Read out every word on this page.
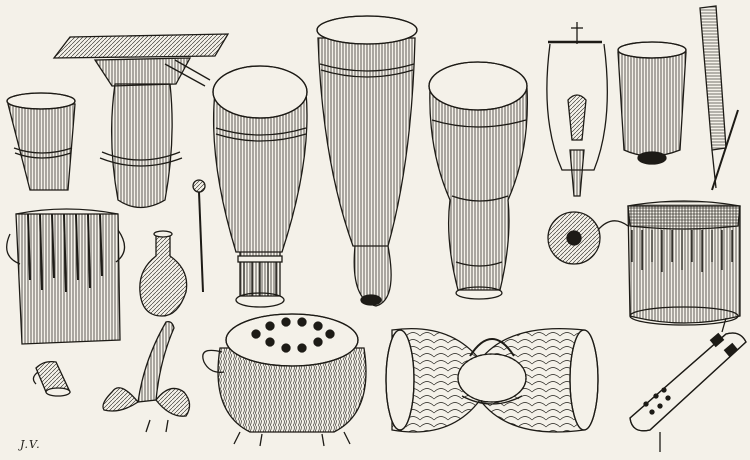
J.V.
